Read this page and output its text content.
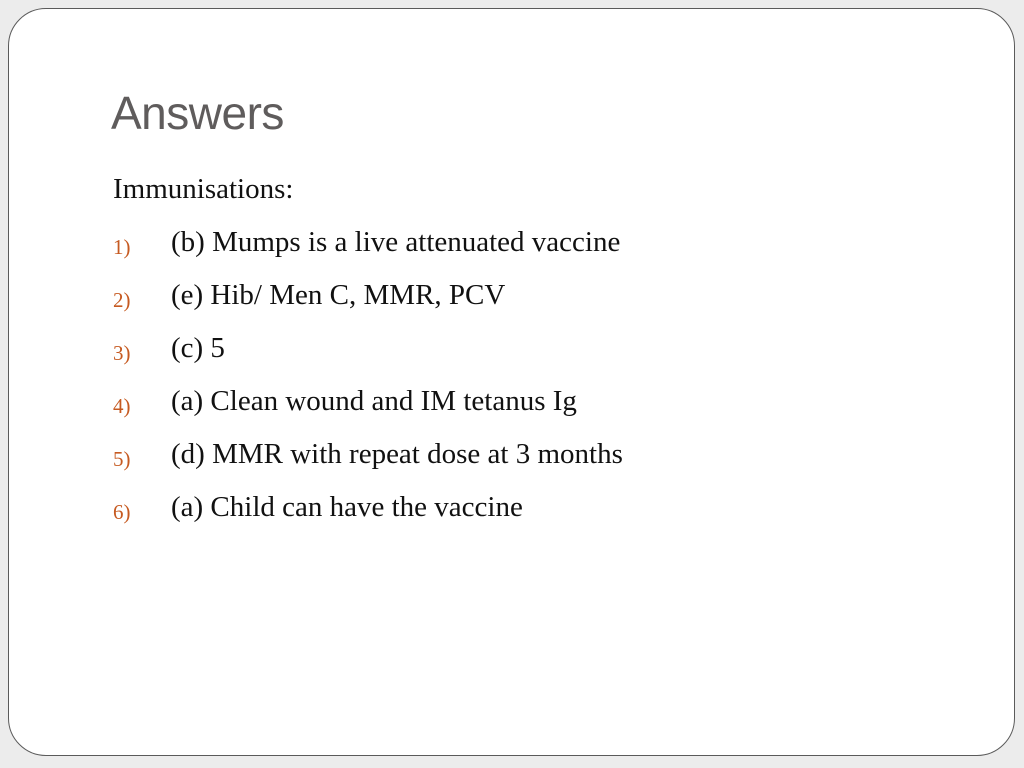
Answers

Immunisations:

1) (b) Mumps is a live attenuated vaccine
2) (e) Hib/ Men C, MMR, PCV
3) (c) 5
4) (a) Clean wound and IM tetanus Ig
5) (d) MMR with repeat dose at 3 months
6) (a) Child can have the vaccine
